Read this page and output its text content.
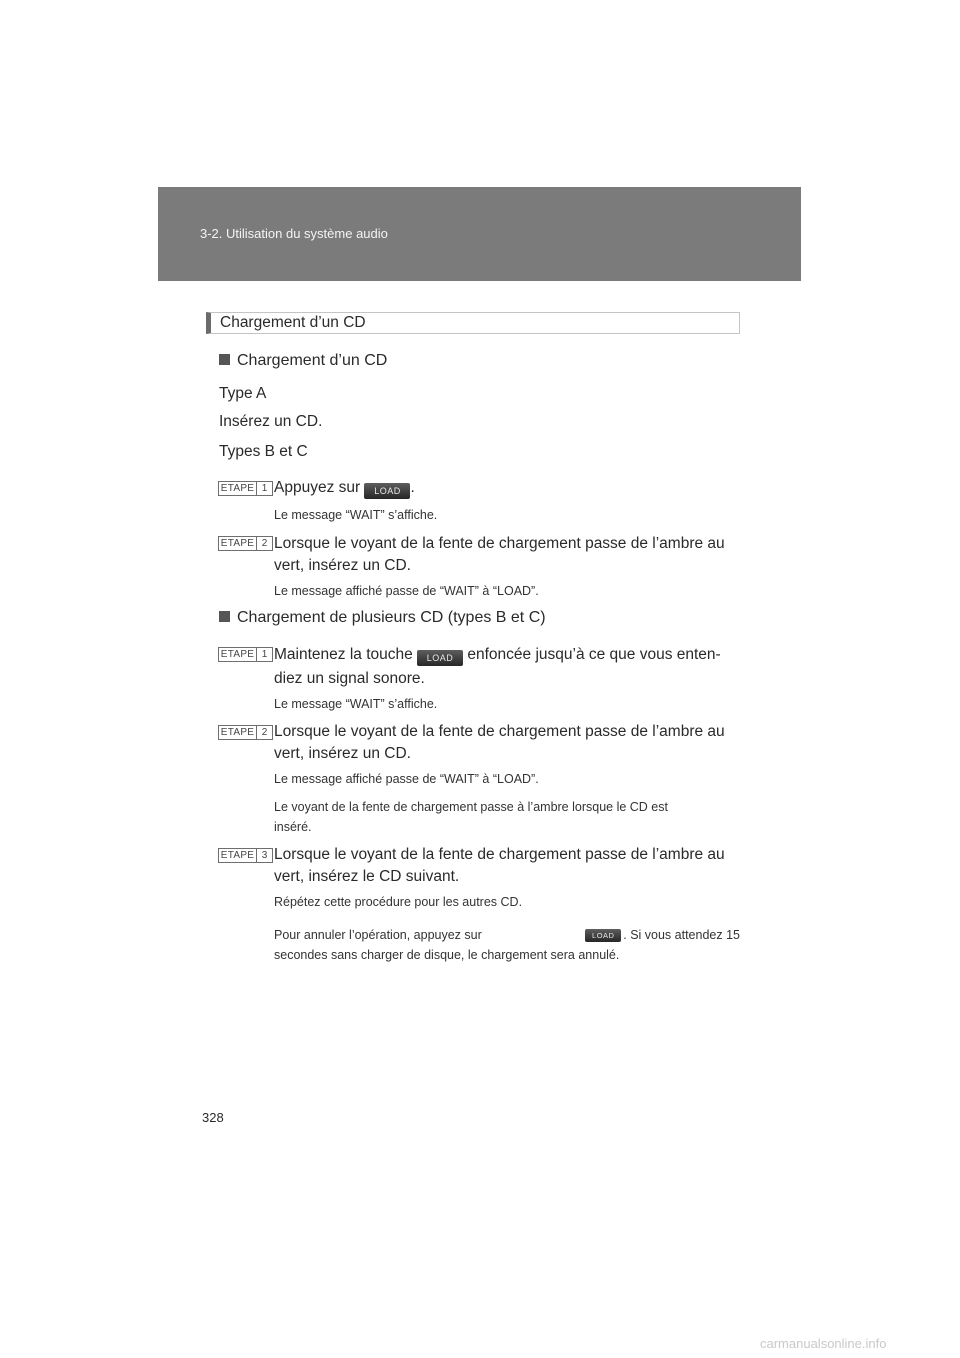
3-2. Utilisation du système audio
Chargement d’un CD
Chargement d’un CD
Type A
Insérez un CD.
Types B et C
ETAPE 1 Appuyez sur LOAD .
Le message “WAIT” s’affiche.
ETAPE 2 Lorsque le voyant de la fente de chargement passe de l’ambre au
vert, insérez un CD.
Le message affiché passe de “WAIT” à “LOAD”.
Chargement de plusieurs CD (types B et C)
ETAPE 1 Maintenez la touche LOAD enfoncée jusqu’à ce que vous enten-
diez un signal sonore.
Le message “WAIT” s’affiche.
ETAPE 2 Lorsque le voyant de la fente de chargement passe de l’ambre au
vert, insérez un CD.
Le message affiché passe de “WAIT” à “LOAD”.
Le voyant de la fente de chargement passe à l’ambre lorsque le CD est
inséré.
ETAPE 3 Lorsque le voyant de la fente de chargement passe de l’ambre au
vert, insérez le CD suivant.
Répétez cette procédure pour les autres CD.
Pour annuler l’opération, appuyez sur	LOAD . Si vous attendez 15
secondes sans charger de disque, le chargement sera annulé.
328
carmanualsonline.info
